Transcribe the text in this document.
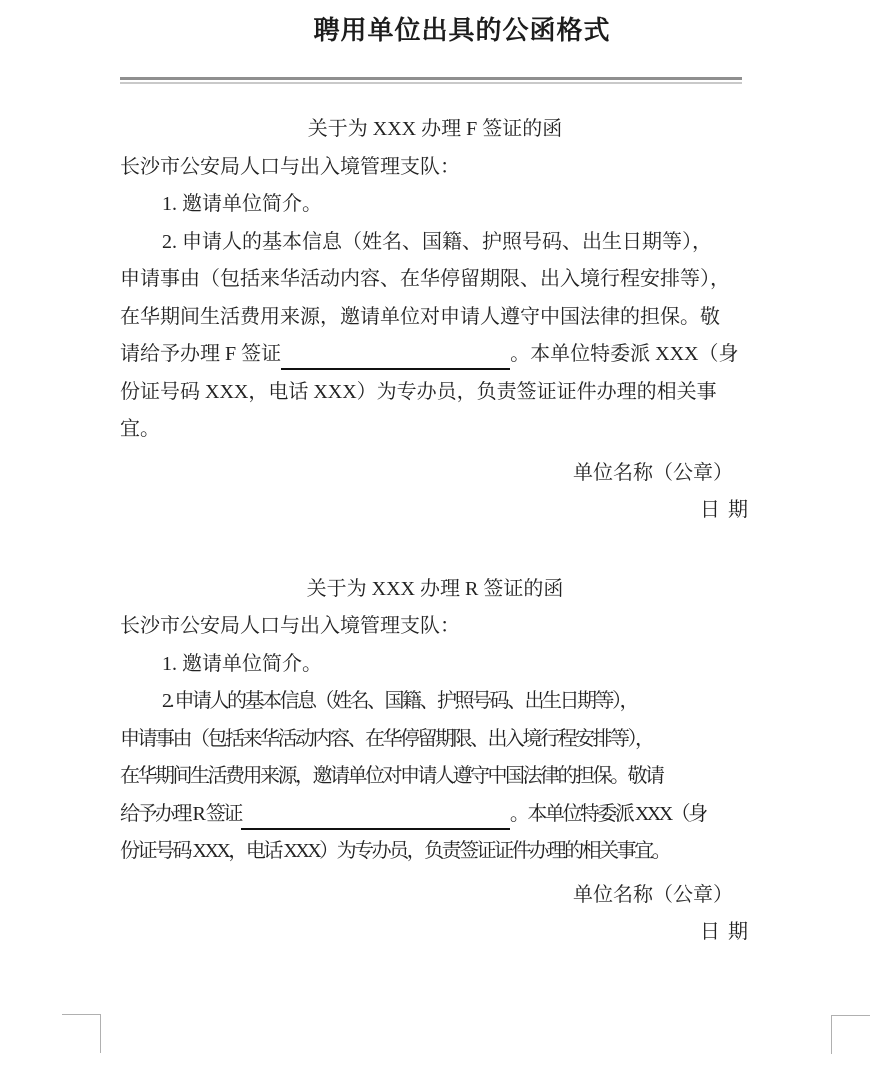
聘用单位出具的公函格式
关于为 XXX 办理 F 签证的函
长沙市公安局人口与出入境管理支队：
1. 邀请单位简介。
2. 申请人的基本信息（姓名、国籍、护照号码、出生日期等），
申请事由（包括来华活动内容、在华停留期限、出入境行程安排等），
在华期间生活费用来源，邀请单位对申请人遵守中国法律的担保。敬
请给予办理 F 签证	。本单位特委派 XXX（身
份证号码 XXX，电话 XXX）为专办员，负责签证证件办理的相关事宜。
单位名称（公章）
日期
关于为 XXX 办理 R 签证的函
长沙市公安局人口与出入境管理支队：
1. 邀请单位简介。
2. 申请人的基本信息（姓名、国籍、护照号码、出生日期等），
申请事由（包括来华活动内容、在华停留期限、出入境行程安排等），
在华期间生活费用来源，邀请单位对申请人遵守中国法律的担保。敬请
给予办理 R 签证	。本单位特委派 XXX（身
份证号码 XXX，电话 XXX）为专办员，负责签证证件办理的相关事宜。
单位名称（公章）
日期
